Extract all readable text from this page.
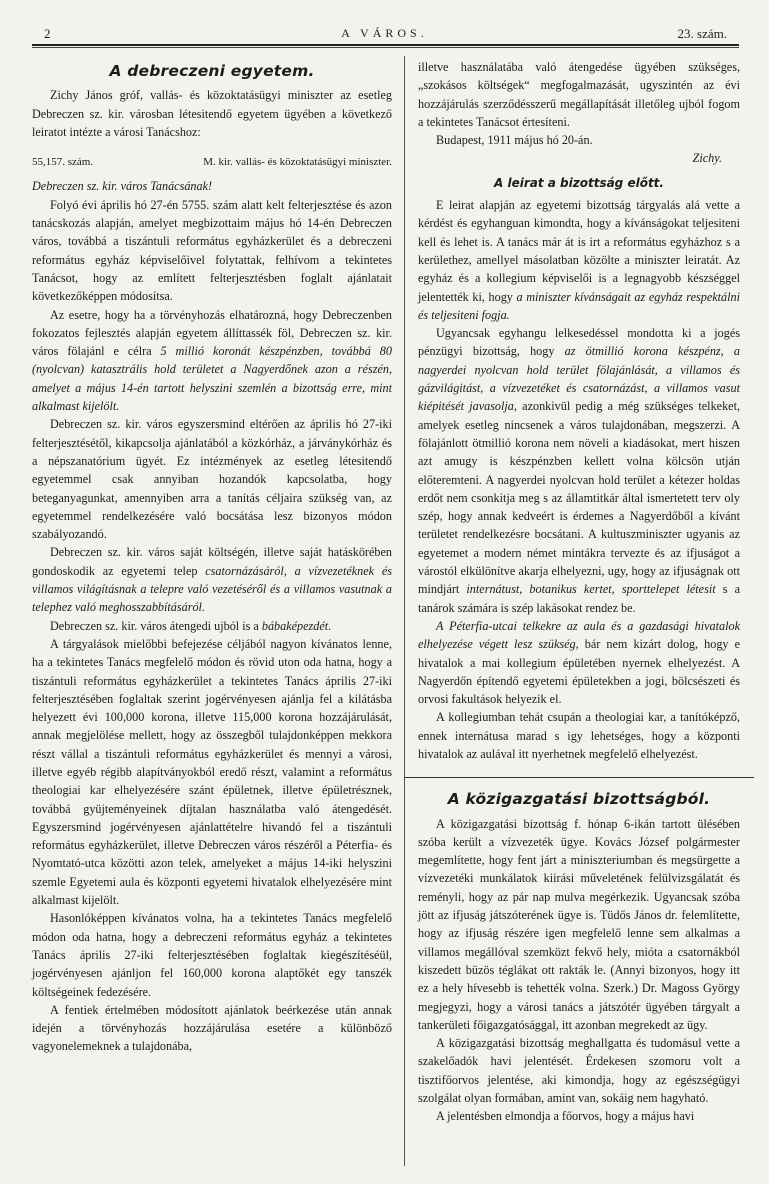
2	A VÁROS.	23. szám.
A debreczeni egyetem.

Zichy János gróf, vallás- és közoktatásügyi miniszter az esetleg Debreczen sz. kir. városban létesitendő egyetem ügyében a következő leiratot intézte a városi Tanácshoz:

55,157. szám.	M. kir. vallás- és közoktatásügyi miniszter.

Debreczen sz. kir. város Tanácsának!

Folyó évi április hó 27-én 5755. szám alatt kelt felterjesztése és azon tanácskozás alapján, amelyet megbizottaim május hó 14-én Debreczen város, továbbá a tiszántuli református egyházkerület és a debreczeni református egyház képviselőivel folytattak, felhívom a tekintetes Tanácsot, hogy az említett felterjesztésben foglalt ajánlatait következőképpen módosítsa.

Az esetre, hogy ha a törvényhozás elhatározná, hogy Debreczenben fokozatos fejlesztés alapján egyetem állíttassék föl, Debreczen sz. kir. város fölajánl e célra 5 millió koronát készpénzben, továbbá 80 (nyolcvan) katasztrális hold területet a Nagyerdőnek azon a részén, amelyet a május 14-én tartott helyszini szemlén a bizottság erre, mint alkalmast kijelölt.

Debreczen sz. kir. város egyszersmind eltérően az április hó 27-iki felterjesztésétől, kikapcsolja ajánlatából a közkórház, a járványkórház és a népszanatórium ügyét. Ez intézmények az esetleg létesitendő egyetemmel csak annyiban hozandók kapcsolatba, hogy beteganyagunkat, amennyiben arra a tanítás céljaira szükség van, az egyetemmel rendelkezésére való bocsátása lesz bizonyos módon szabályozandó.

Debreczen sz. kir. város saját költségén, illetve saját hatáskörében gondoskodik az egyetemi telep csatornázásáról, a vízvezetéknek és villamos világításnak a telepre való vezetéséről és a villamos vasutnak a telephez való meghosszabbításáról.

Debreczen sz. kir. város átengedi ujból is a bábaképezdét.

A tárgyalások mielőbbi befejezése céljából nagyon kívánatos lenne, ha a tekintetes Tanács megfelelő módon és rövid uton oda hatna, hogy a tiszántuli református egyházkerület a tekintetes Tanács április 27-iki felterjesztésében foglaltak szerint jogérvényesen ajánlja fel a kilátásba helyezett évi 100,000 korona, illetve 115,000 korona hozzájárulását, annak megjelölése mellett, hogy az összegből tulajdonképpen mekkora részt vállal a tiszántuli református egyházkerület és mennyi a városi, illetve egyéb régibb alapítványokból eredő részt, valamint a református theologiai kar elhelyezésére szánt épületnek, illetve épületrésznek, továbbá gyüjteményeinek díjtalan használatba való átengedését. Egyszersmind jogérvényesen ajánlattételre hivandó fel a tiszántuli református egyházkerület, illetve Debreczen város részéről a Péterfia- és Nyomtató-utca közötti azon telek, amelyeket a május 14-iki helyszini szemle Egyetemi aula és központi egyetemi hivatalok elhelyezésére mint alkalmast kijelölt.

Hasonlóképpen kívánatos volna, ha a tekintetes Tanács megfelelő módon oda hatna, hogy a debreczeni református egyház a tekintetes Tanács április 27-iki felterjesztésében foglaltak kiegészítéséül, jogérvényesen ajánljon fel 160,000 korona alaptőkét egy tanszék költségeinek fedezésére.

A fentiek értelmében módosított ajánlatok beérkezése után annak idején a törvényhozás hozzájárulása esetére a különböző vagyonelemeknek a tulajdonába,

illetve használatába való átengedése ügyében szükséges, „szokásos költségek“ megfogalmazását, ugyszintén az évi hozzájárulás szerződésszerű megállapítását illetőleg ujból fogom a tekintetes Tanácsot értesíteni.

Budapest, 1911 május hó 20-án.

Zichy.
A leirat a bizottság előtt.

E leirat alapján az egyetemi bizottság tárgyalás alá vette a kérdést és egyhanguan kimondta, hogy a kívánságokat teljesiteni kell és lehet is. A tanács már át is irt a református egyházhoz s a kerülethez, amellyel másolatban közölte a miniszter leiratát. Az egyház és a kollegium képviselői is a legnagyobb készséggel jelentették ki, hogy a miniszter kívánságait az egyház respektálni és teljesiteni fogja.

Ugyancsak egyhangu lelkesedéssel mondotta ki a jogés pénzügyi bizottság, hogy az ötmillió korona készpénz, a nagyerdei nyolcvan hold terület fölajánlását, a villamos és gázvilágitást, a vízvezetéket és csatornázást, a villamos vasut kiépitését javasolja, azonkivül pedig a még szükséges telkeket, amelyek esetleg nincsenek a város tulajdonában, megszerzi. A fölajánlott ötmillió korona nem növeli a kiadásokat, mert hiszen azt amugy is készpénzben kellett volna kölcsön utján előteremteni. A nagyerdei nyolcvan hold terület a kétezer holdas erdőt nem csonkitja meg s az államtitkár által ismertetett terv oly szép, hogy annak kedveért is érdemes a Nagyerdőből a kívánt területet rendelkezésre bocsátani. A kultuszminiszter ugyanis az egyetemet a modern német mintákra tervezte és az ifjuságot a várostól elkülönítve akarja elhelyezni, ugy, hogy az ifjuságnak ott mindjárt internátust, botanikus kertet, sporttelepet létesit s a tanárok számára is szép lakásokat rendez be.

A Péterfia-utcai telkekre az aula és a gazdasági hivatalok elhelyezése végett lesz szükség, bár nem kizárt dolog, hogy e hivatalok a mai kollegium épületében nyernek elhelyezést. A Nagyerdőn építendő egyetemi épületekben a jogi, bölcsészeti és orvosi fakultások helyezik el.

A kollegiumban tehát csupán a theologiai kar, a tanítóképző, ennek internátusa marad s igy lehetséges, hogy a központi hivatalok az aulával itt nyerhetnek megfelelő elhelyezést.

A közigazgatási bizottságból.

A közigazgatási bizottság f. hónap 6-ikán tartott ülésében szóba került a vízvezeték ügye. Kovács József polgármester megemlítette, hogy fent járt a miniszteriumban és megsürgette a vízvezetéki munkálatok kiirási műveletének felülvizsgálatát és reményli, hogy az pár nap mulva megérkezik. Ugyancsak szóba jött az ifjuság játszóterének ügye is. Tüdős János dr. felemlítette, hogy az ifjuság részére igen megfelelő lenne sem alkalmas a villamos megállóval szemközt fekvő hely, mióta a csatornákból kiszedett büzös téglákat ott rakták le. (Annyi bizonyos, hogy itt ez a hely hívesebb is tehették volna. Szerk.) Dr. Magoss György megjegyzi, hogy a városi tanács a játszótér ügyében tárgyalt a tankerületi főigazgatósággal, itt azonban megrekedt az ügy.

A közigazgatási bizottság meghallgatta és tudomásul vette a szakelőadók havi jelentését. Érdekesen szomoru volt a tisztifőorvos jelentése, aki kimondja, hogy az egészségügyi szolgálat olyan formában, amint van, sokáig nem hagyható.

A jelentésben elmondja a főorvos, hogy a május havi
